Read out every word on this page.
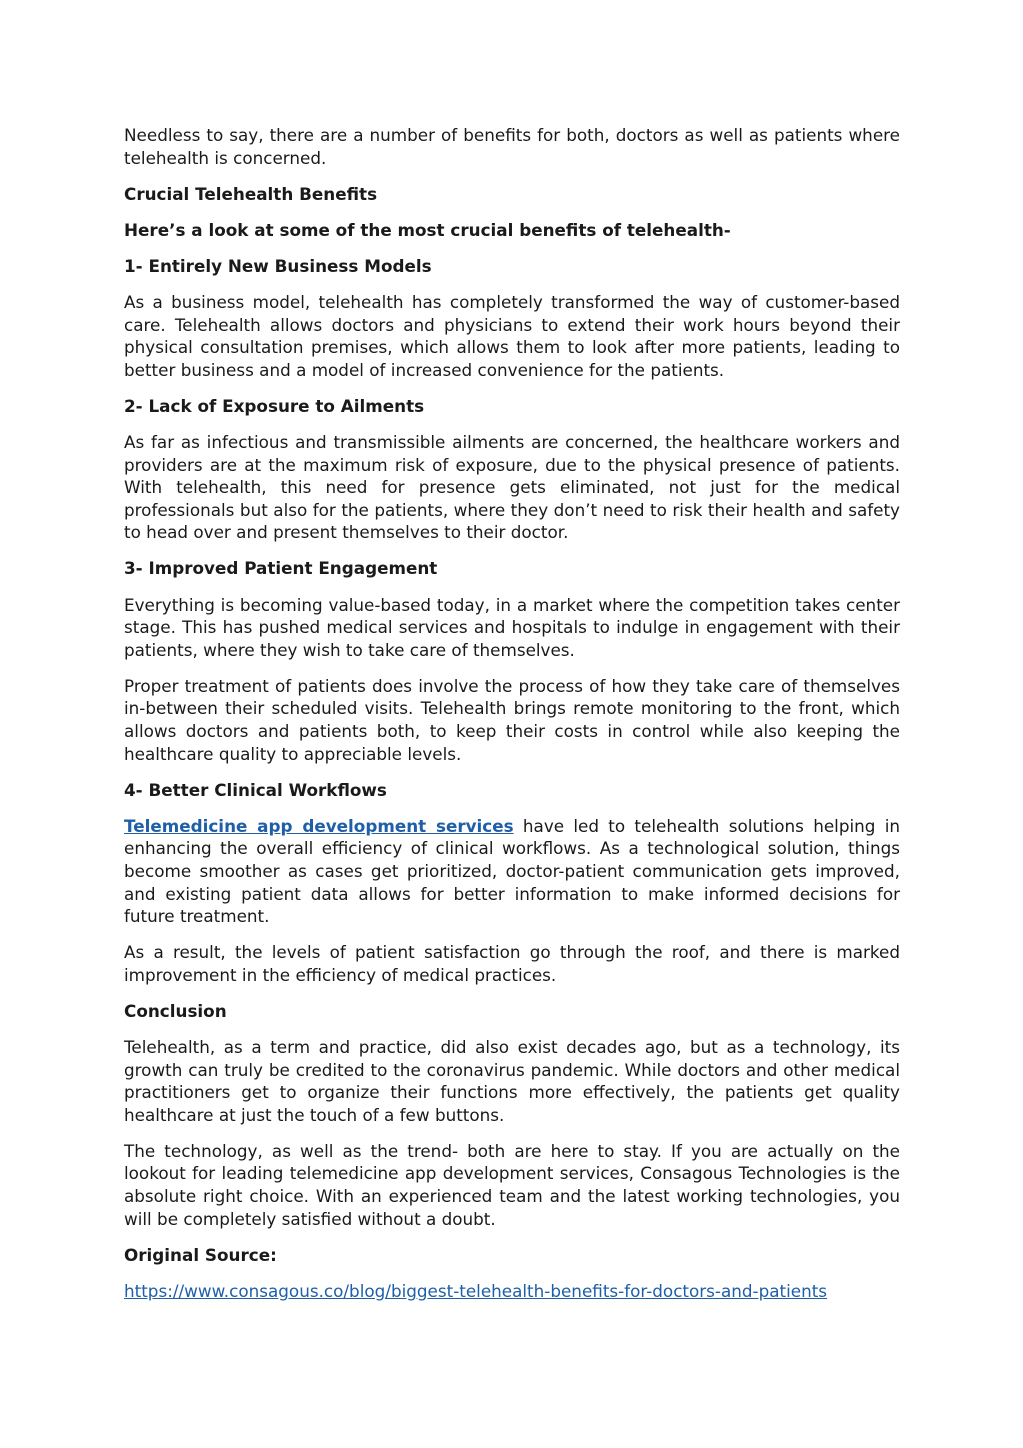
Needless to say, there are a number of benefits for both, doctors as well as patients where telehealth is concerned.

Crucial Telehealth Benefits

Here’s a look at some of the most crucial benefits of telehealth-

1- Entirely New Business Models

As a business model, telehealth has completely transformed the way of customer-based care. Telehealth allows doctors and physicians to extend their work hours beyond their physical consultation premises, which allows them to look after more patients, leading to better business and a model of increased convenience for the patients.

2- Lack of Exposure to Ailments

As far as infectious and transmissible ailments are concerned, the healthcare workers and providers are at the maximum risk of exposure, due to the physical presence of patients. With telehealth, this need for presence gets eliminated, not just for the medical professionals but also for the patients, where they don’t need to risk their health and safety to head over and present themselves to their doctor.

3- Improved Patient Engagement

Everything is becoming value-based today, in a market where the competition takes center stage. This has pushed medical services and hospitals to indulge in engagement with their patients, where they wish to take care of themselves.

Proper treatment of patients does involve the process of how they take care of themselves in-between their scheduled visits. Telehealth brings remote monitoring to the front, which allows doctors and patients both, to keep their costs in control while also keeping the healthcare quality to appreciable levels.

4- Better Clinical Workflows

Telemedicine app development services have led to telehealth solutions helping in enhancing the overall efficiency of clinical workflows. As a technological solution, things become smoother as cases get prioritized, doctor-patient communication gets improved, and existing patient data allows for better information to make informed decisions for future treatment.

As a result, the levels of patient satisfaction go through the roof, and there is marked improvement in the efficiency of medical practices.

Conclusion

Telehealth, as a term and practice, did also exist decades ago, but as a technology, its growth can truly be credited to the coronavirus pandemic. While doctors and other medical practitioners get to organize their functions more effectively, the patients get quality healthcare at just the touch of a few buttons.

The technology, as well as the trend- both are here to stay. If you are actually on the lookout for leading telemedicine app development services, Consagous Technologies is the absolute right choice. With an experienced team and the latest working technologies, you will be completely satisfied without a doubt.

Original Source:

https://www.consagous.co/blog/biggest-telehealth-benefits-for-doctors-and-patients
